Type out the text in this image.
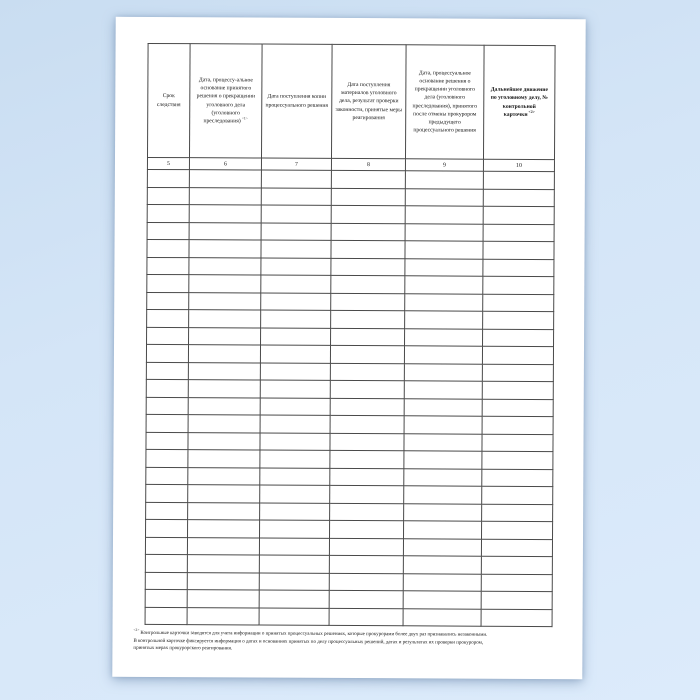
Срок следствия	Дата, процессу-альное основание принятого решения о прекращении уголовного дела (уголовного преследования)$^{<1>}$	Дата поступления копии процессуального решения	Дата поступления материалов уголовного дела, результат проверки законности, принятые меры реагирования	Дата, процессуальное основание решения о прекращении уголовного дела (уголовного преследования), принятого после отмены прокурором предыдущего процессуального решения	Дальнейшее движение по уголовному делу, № контрольной карточки$^{<2>}$
5	6	7	8	9	10

$^{<2>}$Контрольные карточки заводятся для учета информации о принятых процессуальных решениях, которые прокурорами более двух раз признавались незаконными.
В контрольной карточке фиксируется информация о датах и основаниях принятых по делу процессуальных решений, датах и результатах их проверки прокурором,
принятых мерах прокурорского реагирования.
